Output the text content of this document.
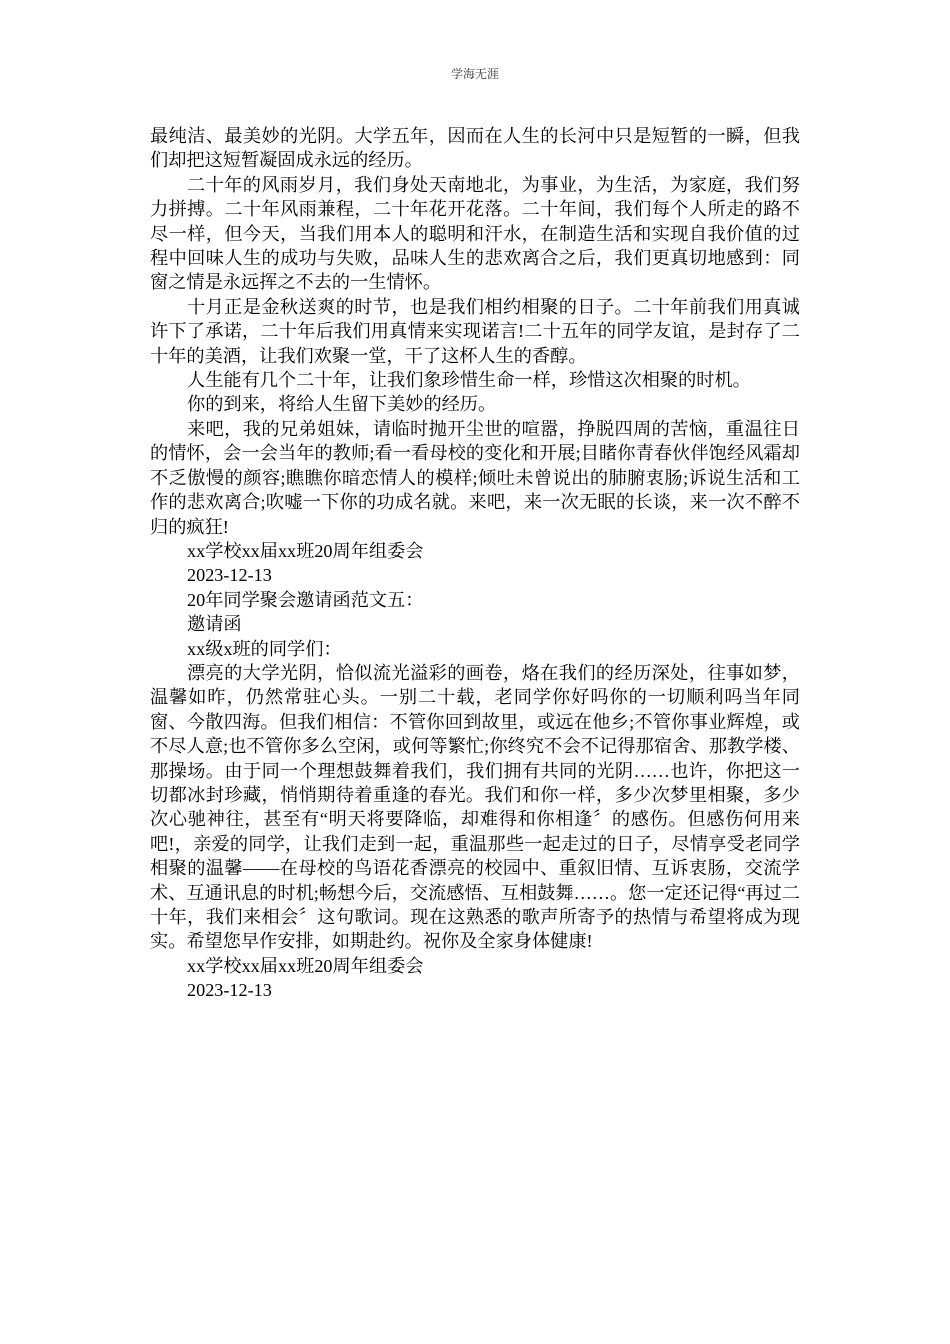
学海无涯

最纯洁、最美妙的光阴。大学五年，因而在人生的长河中只是短暂的一瞬，但我们却把这短暂凝固成永远的经历。

二十年的风雨岁月，我们身处天南地北，为事业，为生活，为家庭，我们努力拼搏。二十年风雨兼程，二十年花开花落。二十年间，我们每个人所走的路不尽一样，但今天，当我们用本人的聪明和汗水，在制造生活和实现自我价值的过程中回味人生的成功与失败，品味人生的悲欢离合之后，我们更真切地感到：同窗之情是永远挥之不去的一生情怀。

十月正是金秋送爽的时节，也是我们相约相聚的日子。二十年前我们用真诚许下了承诺，二十年后我们用真情来实现诺言!二十五年的同学友谊，是封存了二十年的美酒，让我们欢聚一堂，干了这杯人生的香醇。

人生能有几个二十年，让我们象珍惜生命一样，珍惜这次相聚的时机。

你的到来，将给人生留下美妙的经历。

来吧，我的兄弟姐妹，请临时抛开尘世的喧嚣，挣脱四周的苦恼，重温往日的情怀，会一会当年的教师;看一看母校的变化和开展;目睹你青春伙伴饱经风霜却不乏傲慢的颜容;瞧瞧你暗恋情人的模样;倾吐未曾说出的肺腑衷肠;诉说生活和工作的悲欢离合;吹嘘一下你的功成名就。来吧，来一次无眠的长谈，来一次不醉不归的疯狂!

xx学校xx届xx班20周年组委会

2023-12-13

20年同学聚会邀请函范文五：

邀请函

xx级x班的同学们：

漂亮的大学光阴，恰似流光溢彩的画卷，烙在我们的经历深处，往事如梦，温馨如昨，仍然常驻心头。一别二十载，老同学你好吗你的一切顺利吗当年同窗、今散四海。但我们相信：不管你回到故里，或远在他乡;不管你事业辉煌，或不尽人意;也不管你多么空闲，或何等繁忙;你终究不会不记得那宿舍、那教学楼、那操场。由于同一个理想鼓舞着我们，我们拥有共同的光阴……也许，你把这一切都冰封珍藏，悄悄期待着重逢的春光。我们和你一样，多少次梦里相聚，多少次心驰神往，甚至有“明天将要降临，却难得和你相逢〞的感伤。但感伤何用来吧!，亲爱的同学，让我们走到一起，重温那些一起走过的日子，尽情享受老同学相聚的温馨——在母校的鸟语花香漂亮的校园中、重叙旧情、互诉衷肠，交流学术、互通讯息的时机;畅想今后，交流感悟、互相鼓舞……。您一定还记得“再过二十年，我们来相会〞这句歌词。现在这熟悉的歌声所寄予的热情与希望将成为现实。希望您早作安排，如期赴约。祝你及全家身体健康!

xx学校xx届xx班20周年组委会

2023-12-13
